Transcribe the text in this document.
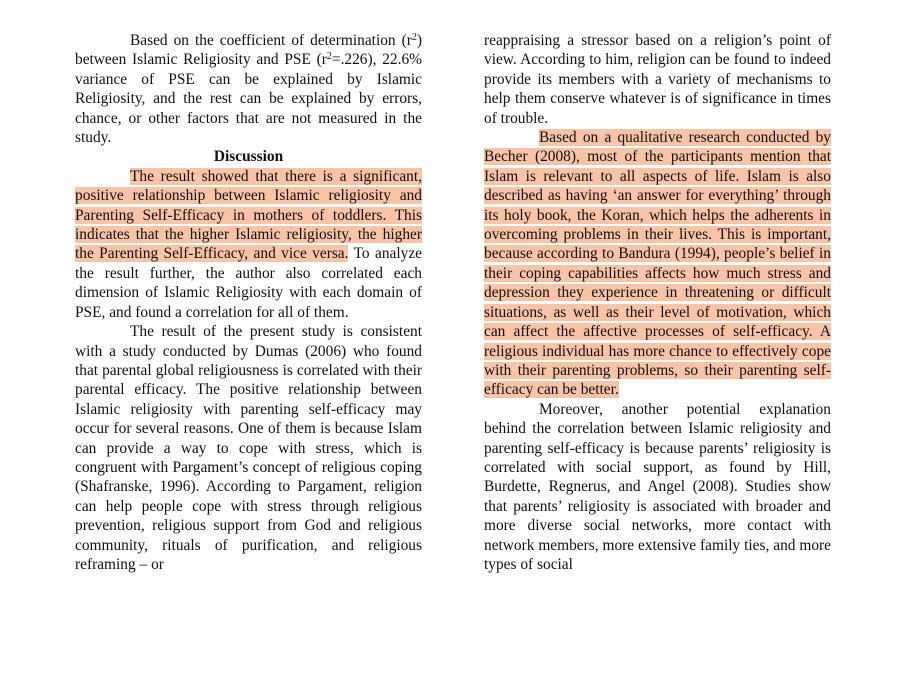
Based on the coefficient of determination $(r^2)$ between Islamic Religiosity and PSE $(r^2=.226)$, 22.6% variance of PSE can be explained by Islamic Religiosity, and the rest can be explained by errors, chance, or other factors that are not measured in the study.

Discussion

The result showed that there is a significant, positive relationship between Islamic religiosity and Parenting Self-Efficacy in mothers of toddlers. This indicates that the higher Islamic religiosity, the higher the Parenting Self-Efficacy, and vice versa. To analyze the result further, the author also correlated each dimension of Islamic Religiosity with each domain of PSE, and found a correlation for all of them.

The result of the present study is consistent with a study conducted by Dumas (2006) who found that parental global religiousness is correlated with their parental efficacy. The positive relationship between Islamic religiosity with parenting self-efficacy may occur for several reasons. One of them is because Islam can provide a way to cope with stress, which is congruent with Pargament’s concept of religious coping (Shafranske, 1996). According to Pargament, religion can help people cope with stress through religious prevention, religious support from God and religious community, rituals of purification, and religious reframing – or

reappraising a stressor based on a religion’s point of view. According to him, religion can be found to indeed provide its members with a variety of mechanisms to help them conserve whatever is of significance in times of trouble.

Based on a qualitative research conducted by Becher (2008), most of the participants mention that Islam is relevant to all aspects of life. Islam is also described as having ‘an answer for everything’ through its holy book, the Koran, which helps the adherents in overcoming problems in their lives. This is important, because according to Bandura (1994), people’s belief in their coping capabilities affects how much stress and depression they experience in threatening or difficult situations, as well as their level of motivation, which can affect the affective processes of self-efficacy. A religious individual has more chance to effectively cope with their parenting problems, so their parenting self-efficacy can be better.

Moreover, another potential explanation behind the correlation between Islamic religiosity and parenting self-efficacy is because parents’ religiosity is correlated with social support, as found by Hill, Burdette, Regnerus, and Angel (2008). Studies show that parents’ religiosity is associated with broader and more diverse social networks, more contact with network members, more extensive family ties, and more types of social
